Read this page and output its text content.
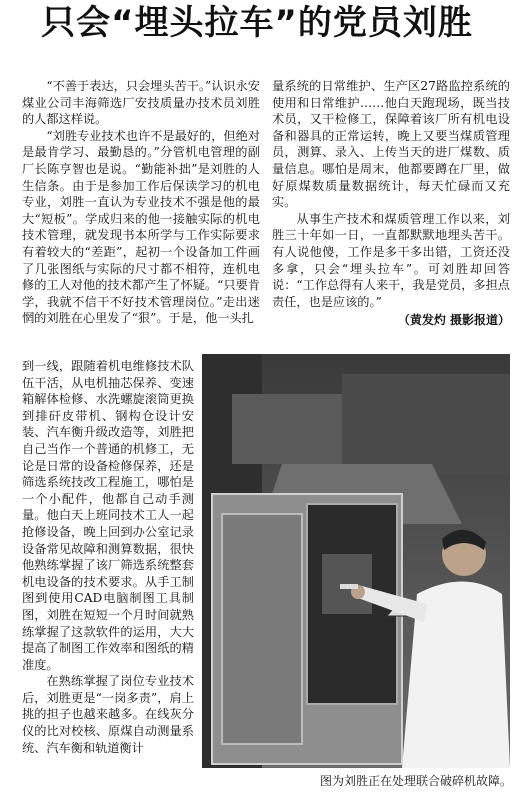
只会“埋头拉车”的党员刘胜

“不善于表达，只会埋头苦干。”认识永安煤业公司丰海筛选厂安技质量办技术员刘胜的人都这样说。

“刘胜专业技术也许不是最好的，但绝对是最肯学习、最勤恳的。”分管机电管理的副厂长陈亨智也是说。“勤能补拙”是刘胜的人生信条。由于是参加工作后保读学习的机电专业，刘胜一直认为专业技术不强是他的最大“短板”。学成归来的他一接触实际的机电技术管理，就发现书本所学与工作实际要求有着较大的“差距”，起初一个设备加工件画了几张图纸与实际的尺寸都不相符，连机电修的工人对他的技术都产生了怀疑。“只要肯学，我就不信干不好技术管理岗位。”走出迷惘的刘胜在心里发了“狠”。于是，他一头扎

到一线，跟随着机电维修技术队伍干活，从电机抽芯保养、变速箱解体检修、水洗螺旋滚筒更换到排矸皮带机、钢构仓设计安装、汽车衡升级改造等，刘胜把自己当作一个普通的机修工，无论是日常的设备检修保养，还是筛选系统技改工程施工，哪怕是一个小配件，他都自己动手测量。他白天上班同技术工人一起抢修设备，晚上回到办公室记录设备常见故障和测算数据，很快他熟练掌握了该厂筛选系统整套机电设备的技术要求。从手工制图到使用CAD电脑制图工具制图，刘胜在短短一个月时间就熟练掌握了这款软件的运用，大大提高了制图工作效率和图纸的精准度。

在熟练掌握了岗位专业技术后，刘胜更是“一岗多责”，肩上挑的担子也越来越多。在线灰分仪的比对校核、原煤自动测量系统、汽车衡和轨道衡计

量系统的日常维护、生产区27路监控系统的使用和日常维护……他白天跑现场，既当技术员，又干检修工，保障着该厂所有机电设备和器具的正常运转，晚上又要当煤质管理员，测算、录入、上传当天的进厂煤数、质量信息。哪怕是周末，他都要蹲在厂里，做好原煤数质量数据统计，每天忙碌而又充实。

从事生产技术和煤质管理工作以来，刘胜三十年如一日，一直都默默地埋头苦干。有人说他傻，工作是多干多出错，工资还没多拿，只会“埋头拉车”。可刘胜却回答说：“工作总得有人来干，我是党员，多担点责任，也是应该的。”

（黄发灼 摄影报道）
图为刘胜正在处理联合破碎机故障。
